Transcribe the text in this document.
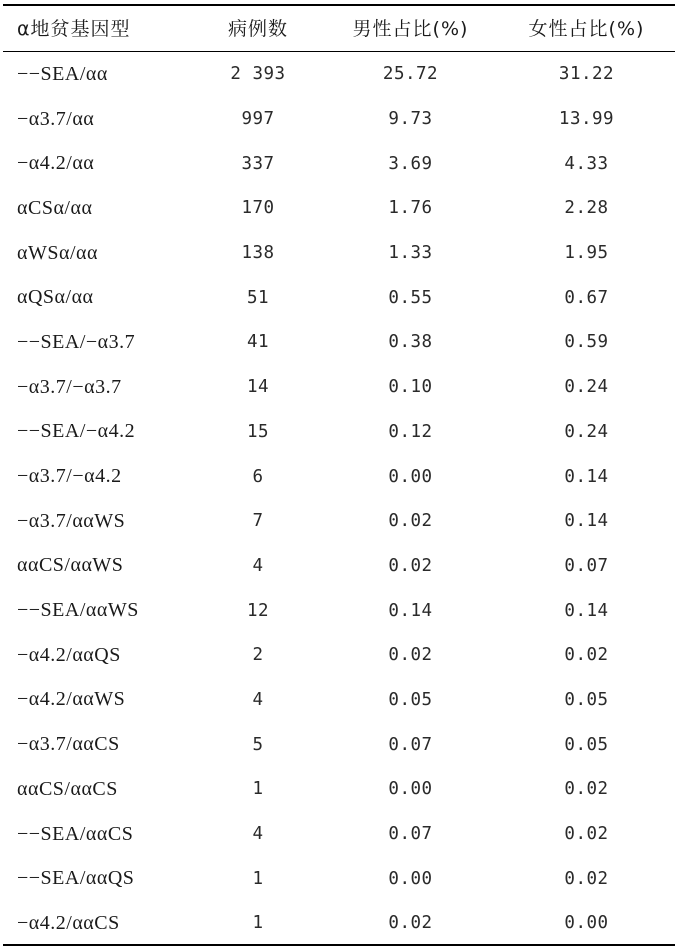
α地贫基因型	病例数	男性占比(%)	女性占比(%)
−−SEA/αα	2 393	25.72	31.22
−α3.7/αα	997	9.73	13.99
−α4.2/αα	337	3.69	4.33
αCSα/αα	170	1.76	2.28
αWSα/αα	138	1.33	1.95
αQSα/αα	51	0.55	0.67
−−SEA/−α3.7	41	0.38	0.59
−α3.7/−α3.7	14	0.10	0.24
−−SEA/−α4.2	15	0.12	0.24
−α3.7/−α4.2	6	0.00	0.14
−α3.7/ααWS	7	0.02	0.14
ααCS/ααWS	4	0.02	0.07
−−SEA/ααWS	12	0.14	0.14
−α4.2/ααQS	2	0.02	0.02
−α4.2/ααWS	4	0.05	0.05
−α3.7/ααCS	5	0.07	0.05
ααCS/ααCS	1	0.00	0.02
−−SEA/ααCS	4	0.07	0.02
−−SEA/ααQS	1	0.00	0.02
−α4.2/ααCS	1	0.02	0.00
